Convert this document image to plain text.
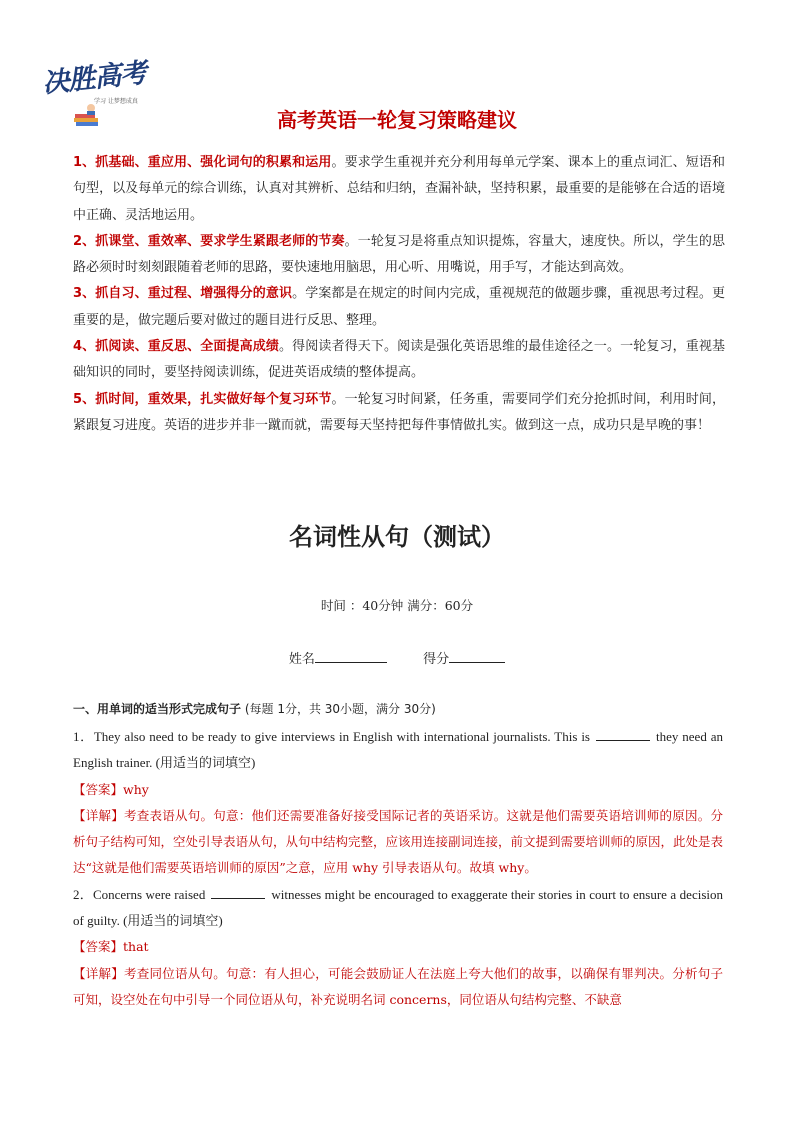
决胜高考
学习 让梦想成真
高考英语一轮复习策略建议

1、抓基础、重应用、强化词句的积累和运用。要求学生重视并充分利用每单元学案、课本上的重点词汇、短语和句型，以及每单元的综合训练，认真对其辨析、总结和归纳，查漏补缺，坚持积累，最重要的是能够在合适的语境中正确、灵活地运用。

2、抓课堂、重效率、要求学生紧跟老师的节奏。一轮复习是将重点知识提炼，容量大，速度快。所以，学生的思路必须时时刻刻跟随着老师的思路，要快速地用脑思，用心听、用嘴说，用手写，才能达到高效。

3、抓自习、重过程、增强得分的意识。学案都是在规定的时间内完成，重视规范的做题步骤，重视思考过程。更重要的是，做完题后要对做过的题目进行反思、整理。

4、抓阅读、重反思、全面提高成绩。得阅读者得天下。阅读是强化英语思维的最佳途径之一。一轮复习，重视基础知识的同时，要坚持阅读训练，促进英语成绩的整体提高。

5、抓时间，重效果，扎实做好每个复习环节。一轮复习时间紧，任务重，需要同学们充分抢抓时间，利用时间，紧跟复习进度。英语的进步并非一蹴而就，需要每天坚持把每件事情做扎实。做到这一点，成功只是早晚的事！

名词性从句（测试）
时间 ：40分钟 满分：60分
姓名	得分
一、用单词的适当形式完成句子 (每题 1分，共 30小题，满分 30分)

1．They also need to be ready to give interviews in English with international journalists. This is	they need an English trainer. (用适当的词填空)

【答案】why

【详解】考查表语从句。句意：他们还需要准备好接受国际记者的英语采访。这就是他们需要英语培训师的原因。分析句子结构可知，空处引导表语从句，从句中结构完整，应该用连接副词连接，前文提到需要培训师的原因，此处是表达“这就是他们需要英语培训师的原因”之意，应用 why 引导表语从句。故填 why。

2．Concerns were raised	witnesses might be encouraged to exaggerate their stories in court to ensure a decision of guilty. (用适当的词填空)

【答案】that

【详解】考查同位语从句。句意：有人担心，可能会鼓励证人在法庭上夸大他们的故事，以确保有罪判决。分析句子可知，设空处在句中引导一个同位语从句，补充说明名词 concerns，同位语从句结构完整、不缺意
